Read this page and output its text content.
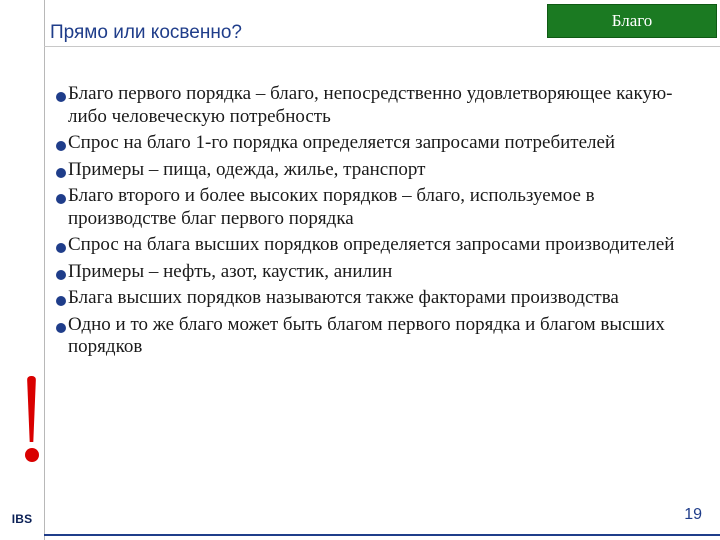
Прямо или косвенно?
Благо
Благо первого порядка – благо, непосредственно удовлетворяющее какую-либо человеческую потребность
Спрос на благо 1-го порядка определяется запросами потребителей
Примеры – пища, одежда, жилье, транспорт
Благо второго и более высоких порядков – благо, используемое в производстве благ первого порядка
Спрос на блага высших порядков определяется запросами производителей
Примеры – нефть, азот, каустик, анилин
Блага высших порядков называются также факторами производства
Одно и то же благо может быть благом первого порядка и благом высших порядков
IBS	19
